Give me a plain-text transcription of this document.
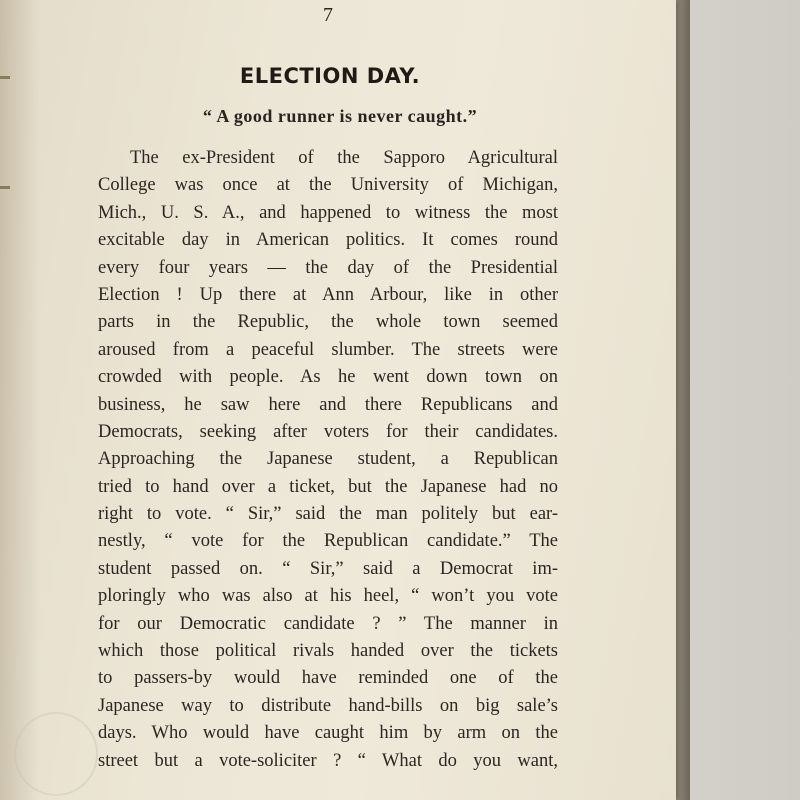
7
ELECTION DAY.
“ A good runner is never caught.”
The ex-President of the Sapporo Agricultural
College was once at the University of Michigan,
Mich., U. S. A., and happened to witness the most
excitable day in American politics. It comes round
every four years — the day of the Presidential
Election ! Up there at Ann Arbour, like in other
parts in the Republic, the whole town seemed
aroused from a peaceful slumber. The streets were
crowded with people. As he went down town on
business, he saw here and there Republicans and
Democrats, seeking after voters for their candidates.
Approaching the Japanese student, a Republican
tried to hand over a ticket, but the Japanese had no
right to vote. “ Sir,” said the man politely but ear-
nestly, “ vote for the Republican candidate.” The
student passed on. “ Sir,” said a Democrat im-
ploringly who was also at his heel, “ won’t you vote
for our Democratic candidate ? ” The manner in
which those political rivals handed over the tickets
to passers-by would have reminded one of the
Japanese way to distribute hand-bills on big sale’s
days. Who would have caught him by arm on the
street but a vote-soliciter ? “ What do you want,
